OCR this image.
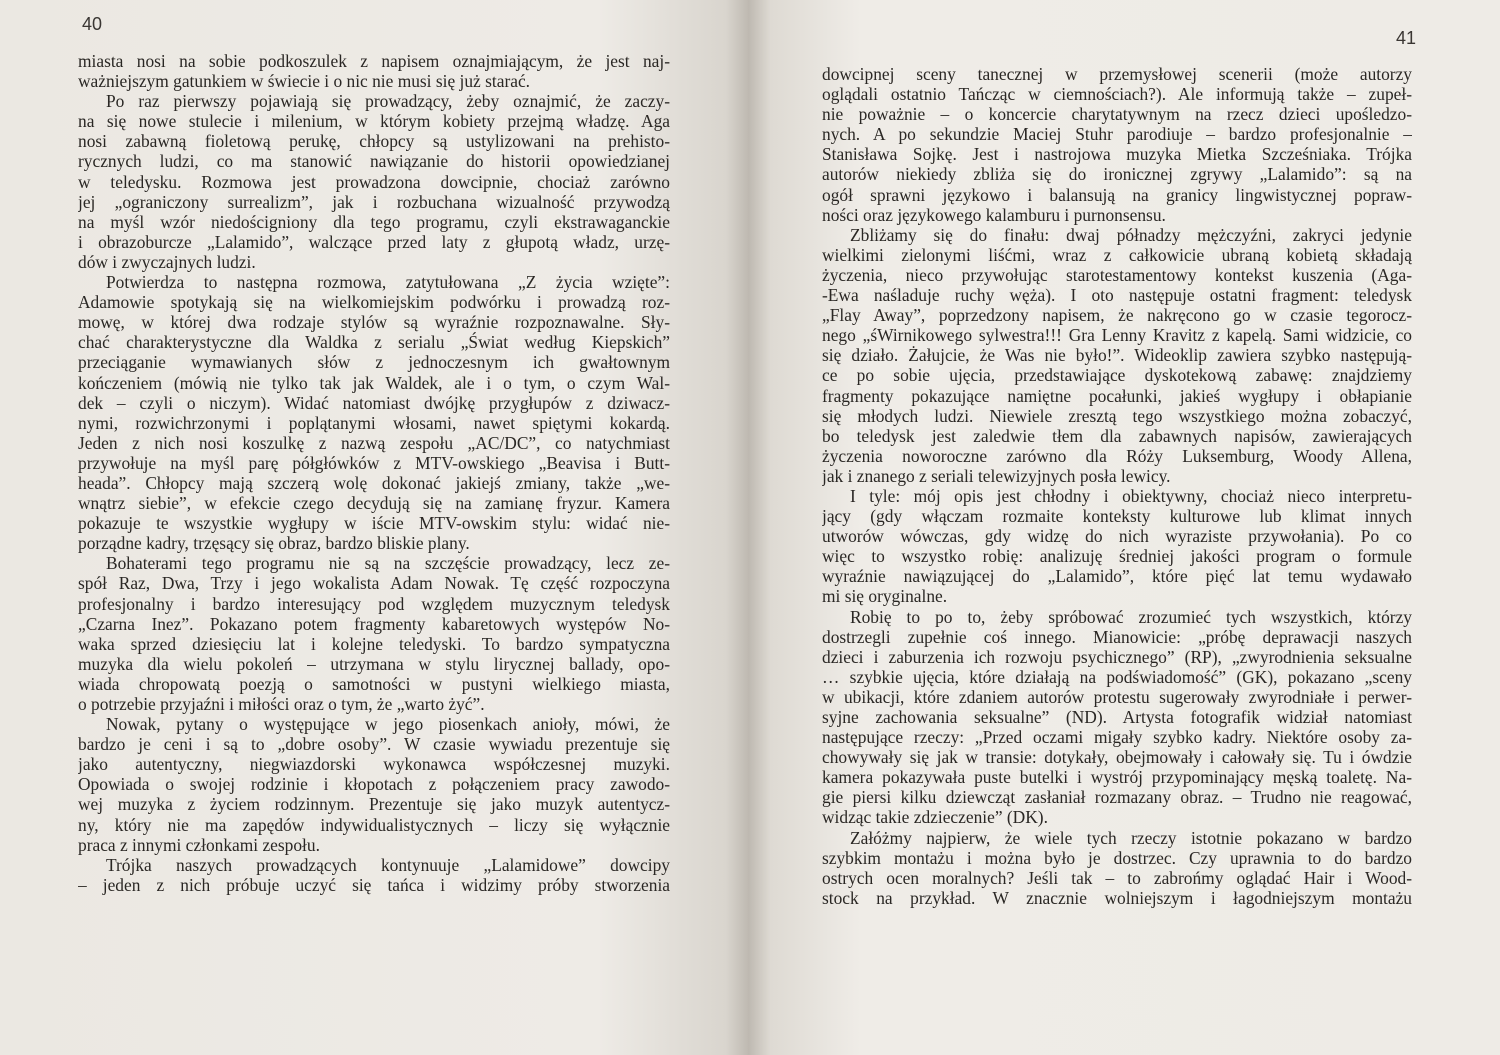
40
miasta nosi na sobie podkoszulek z napisem oznajmiającym, że jest naj-
ważniejszym gatunkiem w świecie i o nic nie musi się już starać.
Po raz pierwszy pojawiają się prowadzący, żeby oznajmić, że zaczy-
na się nowe stulecie i milenium, w którym kobiety przejmą władzę. Aga
nosi zabawną fioletową perukę, chłopcy są ustylizowani na prehisto-
rycznych ludzi, co ma stanowić nawiązanie do historii opowiedzianej
w teledysku. Rozmowa jest prowadzona dowcipnie, chociaż zarówno
jej „ograniczony surrealizm”, jak i rozbuchana wizualność przywodzą
na myśl wzór niedościgniony dla tego programu, czyli ekstrawaganckie
i obrazoburcze „Lalamido”, walczące przed laty z głupotą władz, urzę-
dów i zwyczajnych ludzi.
Potwierdza to następna rozmowa, zatytułowana „Z życia wzięte”:
Adamowie spotykają się na wielkomiejskim podwórku i prowadzą roz-
mowę, w której dwa rodzaje stylów są wyraźnie rozpoznawalne. Sły-
chać charakterystyczne dla Waldka z serialu „Świat według Kiepskich”
przeciąganie wymawianych słów z jednoczesnym ich gwałtownym
kończeniem (mówią nie tylko tak jak Waldek, ale i o tym, o czym Wal-
dek – czyli o niczym). Widać natomiast dwójkę przygłupów z dziwacz-
nymi, rozwichrzonymi i poplątanymi włosami, nawet spiętymi kokardą.
Jeden z nich nosi koszulkę z nazwą zespołu „AC/DC”, co natychmiast
przywołuje na myśl parę półgłówków z MTV-owskiego „Beavisa i Butt-
headа”. Chłopcy mają szczerą wolę dokonać jakiejś zmiany, także „we-
wnątrz siebie”, w efekcie czego decydują się na zamianę fryzur. Kamera
pokazuje te wszystkie wygłupy w iście MTV-owskim stylu: widać nie-
porządne kadry, trzęsący się obraz, bardzo bliskie plany.
Bohaterami tego programu nie są na szczęście prowadzący, lecz ze-
spół Raz, Dwa, Trzy i jego wokalista Adam Nowak. Tę część rozpoczyna
profesjonalny i bardzo interesujący pod względem muzycznym teledysk
„Czarna Inez”. Pokazano potem fragmenty kabaretowych występów No-
waka sprzed dziesięciu lat i kolejne teledyski. To bardzo sympatyczna
muzyka dla wielu pokoleń – utrzymana w stylu lirycznej ballady, opo-
wiada chropowatą poezją o samotności w pustyni wielkiego miasta,
o potrzebie przyjaźni i miłości oraz o tym, że „warto żyć”.
Nowak, pytany o występujące w jego piosenkach anioły, mówi, że
bardzo je ceni i są to „dobre osoby”. W czasie wywiadu prezentuje się
jako autentyczny, niegwiazdorski wykonawca współczesnej muzyki.
Opowiada o swojej rodzinie i kłopotach z połączeniem pracy zawodo-
wej muzyka z życiem rodzinnym. Prezentuje się jako muzyk autentycz-
ny, który nie ma zapędów indywidualistycznych – liczy się wyłącznie
praca z innymi członkami zespołu.
Trójka naszych prowadzących kontynuuje „Lalamidowe” dowcipy
– jeden z nich próbuje uczyć się tańca i widzimy próby stworzenia
41
dowcipnej sceny tanecznej w przemysłowej scenerii (może autorzy
oglądali ostatnio Tańcząc w ciemnościach?). Ale informują także – zupeł-
nie poważnie – o koncercie charytatywnym na rzecz dzieci upośledzo-
nych. A po sekundzie Maciej Stuhr parodiuje – bardzo profesjonalnie –
Stanisława Sojkę. Jest i nastrojowa muzyka Mietka Szcześniaka. Trójka
autorów niekiedy zbliża się do ironicznej zgrywy „Lalamido”: są na
ogół sprawni językowo i balansują na granicy lingwistycznej popraw-
ności oraz językowego kalamburu i purnonsensu.
Zbliżamy się do finału: dwaj półnadzy mężczyźni, zakryci jedynie
wielkimi zielonymi liśćmi, wraz z całkowicie ubraną kobietą składają
życzenia, nieco przywołując starotestamentowy kontekst kuszenia (Aga-
-Ewa naśladuje ruchy węża). I oto następuje ostatni fragment: teledysk
„Flay Away”, poprzedzony napisem, że nakręcono go w czasie tegorocz-
nego „śWirnikowego sylwestra!!! Gra Lenny Kravitz z kapelą. Sami widzicie, co
się działo. Żałujcie, że Was nie było!”. Wideoklip zawiera szybko następują-
ce po sobie ujęcia, przedstawiające dyskotekową zabawę: znajdziemy
fragmenty pokazujące namiętne pocałunki, jakieś wygłupy i obłapianie
się młodych ludzi. Niewiele zresztą tego wszystkiego można zobaczyć,
bo teledysk jest zaledwie tłem dla zabawnych napisów, zawierających
życzenia noworoczne zarówno dla Róży Luksemburg, Woody Allena,
jak i znanego z seriali telewizyjnych posła lewicy.
I tyle: mój opis jest chłodny i obiektywny, chociaż nieco interpretu-
jący (gdy włączam rozmaite konteksty kulturowe lub klimat innych
utworów wówczas, gdy widzę do nich wyraziste przywołania). Po co
więc to wszystko robię: analizuję średniej jakości program o formule
wyraźnie nawiązującej do „Lalamido”, które pięć lat temu wydawało
mi się oryginalne.
Robię to po to, żeby spróbować zrozumieć tych wszystkich, którzy
dostrzegli zupełnie coś innego. Mianowicie: „próbę deprawacji naszych
dzieci i zaburzenia ich rozwoju psychicznego” (RP), „zwyrodnienia seksualne
… szybkie ujęcia, które działają na podświadomość” (GK), pokazano „sceny
w ubikacji, które zdaniem autorów protestu sugerowały zwyrodniałe i perwer-
syjne zachowania seksualne” (ND). Artysta fotografik widział natomiast
następujące rzeczy: „Przed oczami migały szybko kadry. Niektóre osoby za-
chowywały się jak w transie: dotykały, obejmowały i całowały się. Tu i ówdzie
kamera pokazywała puste butelki i wystrój przypominający męską toaletę. Na-
gie piersi kilku dziewcząt zasłaniał rozmazany obraz. – Trudno nie reagować,
widząc takie zdzieczenie” (DK).
Załóżmy najpierw, że wiele tych rzeczy istotnie pokazano w bardzo
szybkim montażu i można było je dostrzec. Czy uprawnia to do bardzo
ostrych ocen moralnych? Jeśli tak – to zabrońmy oglądać Hair i Wood-
stock na przykład. W znacznie wolniejszym i łagodniejszym montażu
